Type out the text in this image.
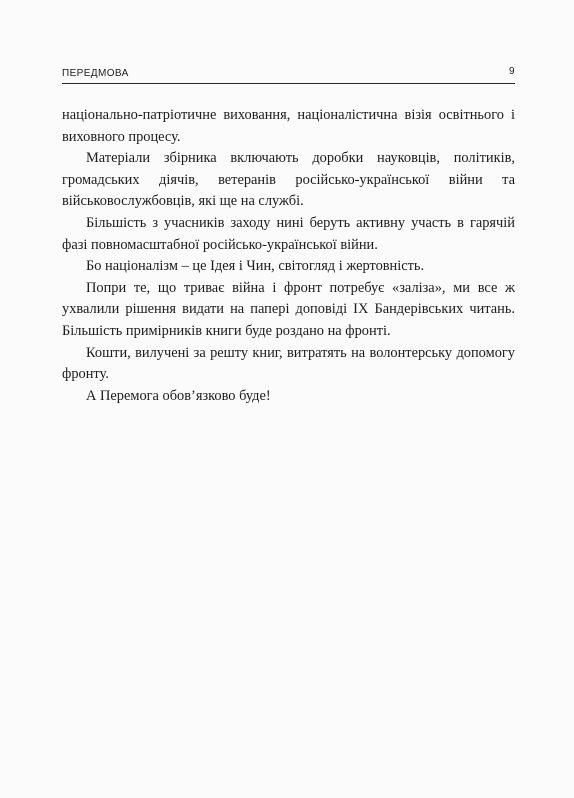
ПЕРЕДМОВА	9

національно-патріотичне виховання, націоналістична візія освітнього і виховного процесу.

Матеріали збірника включають доробки науковців, політиків, громадських діячів, ветеранів російсько-української війни та військовослужбовців, які ще на службі.

Більшість з учасників заходу нині беруть активну участь в гарячій фазі повномасштабної російсько-української війни.

Бо націоналізм – це Ідея і Чин, світогляд і жертовність.

Попри те, що триває війна і фронт потребує «заліза», ми все ж ухвалили рішення видати на папері доповіді IX Бандерівських читань. Більшість примірників книги буде роздано на фронті.

Кошти, вилучені за решту книг, витратять на волонтерську допомогу фронту.

А Перемога обов’язково буде!
